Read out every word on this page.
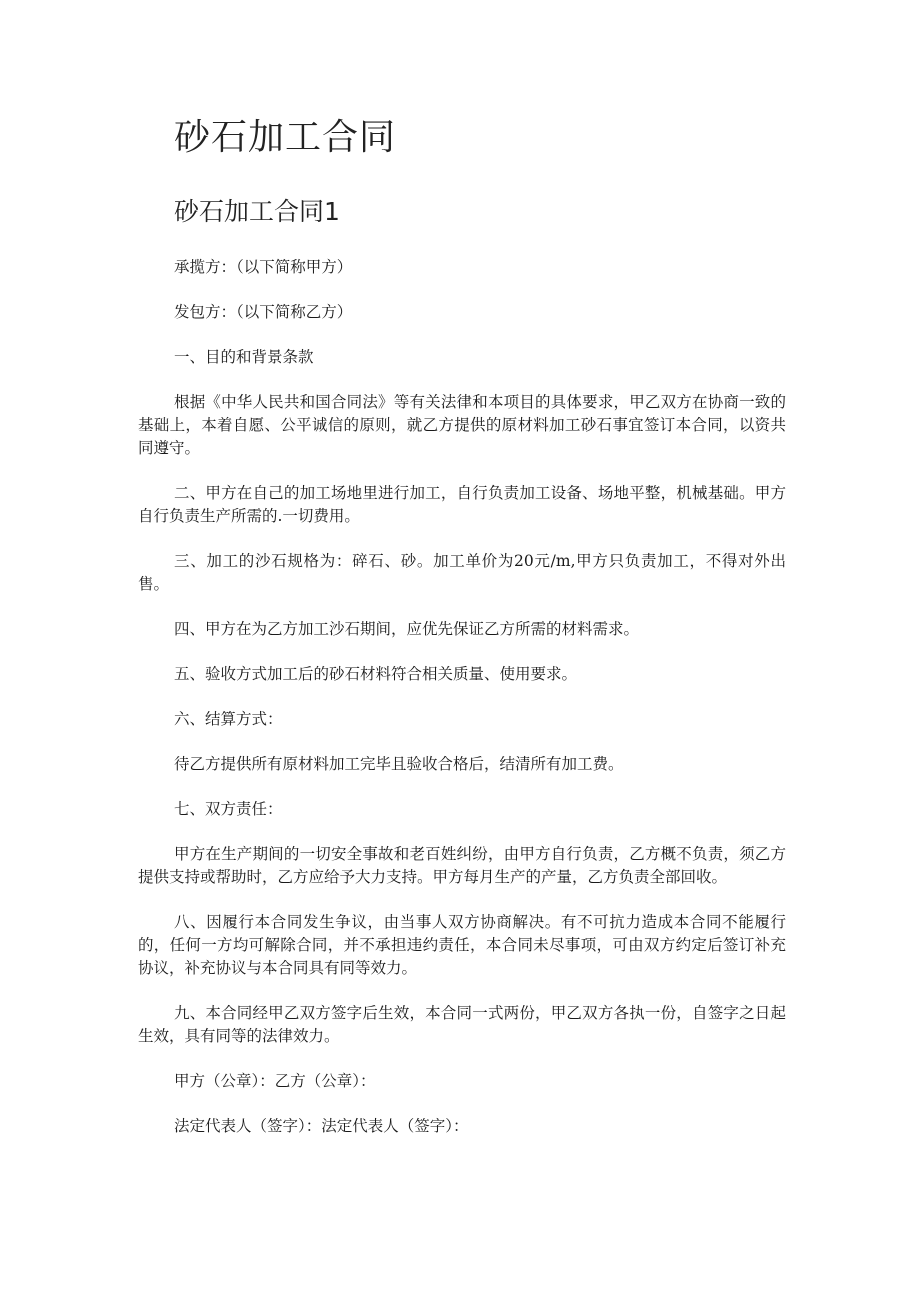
砂石加工合同
砂石加工合同1

承揽方：（以下简称甲方）

发包方：（以下简称乙方）

一、目的和背景条款

根据《中华人民共和国合同法》等有关法律和本项目的具体要求，甲乙双方在协商一致的基础上，本着自愿、公平诚信的原则，就乙方提供的原材料加工砂石事宜签订本合同，以资共同遵守。

二、甲方在自己的加工场地里进行加工，自行负责加工设备、场地平整，机械基础。甲方自行负责生产所需的.一切费用。

三、加工的沙石规格为：碎石、砂。加工单价为20元/m,甲方只负责加工，不得对外出售。

四、甲方在为乙方加工沙石期间，应优先保证乙方所需的材料需求。

五、验收方式加工后的砂石材料符合相关质量、使用要求。

六、结算方式：

待乙方提供所有原材料加工完毕且验收合格后，结清所有加工费。

七、双方责任：

甲方在生产期间的一切安全事故和老百姓纠纷，由甲方自行负责，乙方概不负责，须乙方提供支持或帮助时，乙方应给予大力支持。甲方每月生产的产量，乙方负责全部回收。

八、因履行本合同发生争议，由当事人双方协商解决。有不可抗力造成本合同不能履行的，任何一方均可解除合同，并不承担违约责任，本合同未尽事项，可由双方约定后签订补充协议，补充协议与本合同具有同等效力。

九、本合同经甲乙双方签字后生效，本合同一式两份，甲乙双方各执一份，自签字之日起生效，具有同等的法律效力。

甲方（公章）：乙方（公章）：

法定代表人（签字）：法定代表人（签字）：
